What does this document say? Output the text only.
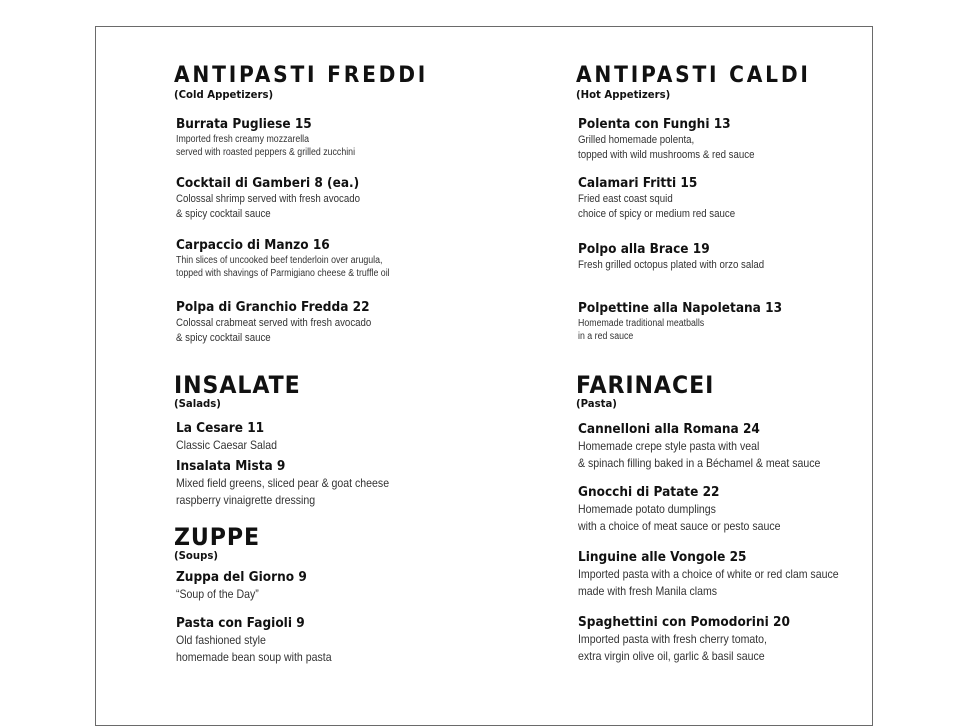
ANTIPASTI FREDDI
(Cold Appetizers)
Burrata Pugliese 15
Imported fresh creamy mozzarella
served with roasted peppers & grilled zucchini
Cocktail di Gamberi 8 (ea.)
Colossal shrimp served with fresh avocado
& spicy cocktail sauce
Carpaccio di Manzo 16
Thin slices of uncooked beef tenderloin over arugula,
topped with shavings of Parmigiano cheese & truffle oil
Polpa di Granchio Fredda 22
Colossal crabmeat served with fresh avocado
& spicy cocktail sauce
INSALATE
(Salads)
La Cesare 11
Classic Caesar Salad
Insalata Mista 9
Mixed field greens, sliced pear & goat cheese
raspberry vinaigrette dressing
ZUPPE
(Soups)
Zuppa del Giorno 9
“Soup of the Day”
Pasta con Fagioli 9
Old fashioned style
homemade bean soup with pasta
ANTIPASTI CALDI
(Hot Appetizers)
Polenta con Funghi 13
Grilled homemade polenta,
topped with wild mushrooms & red sauce
Calamari Fritti 15
Fried east coast squid
choice of spicy or medium red sauce
Polpo alla Brace 19
Fresh grilled octopus plated with orzo salad
Polpettine alla Napoletana 13
Homemade traditional meatballs
in a red sauce
FARINACEI
(Pasta)
Cannelloni alla Romana 24
Homemade crepe style pasta with veal
& spinach filling baked in a Béchamel & meat sauce
Gnocchi di Patate 22
Homemade potato dumplings
with a choice of meat sauce or pesto sauce
Linguine alle Vongole 25
Imported pasta with a choice of white or red clam sauce
made with fresh Manila clams
Spaghettini con Pomodorini 20
Imported pasta with fresh cherry tomato,
extra virgin olive oil, garlic & basil sauce
